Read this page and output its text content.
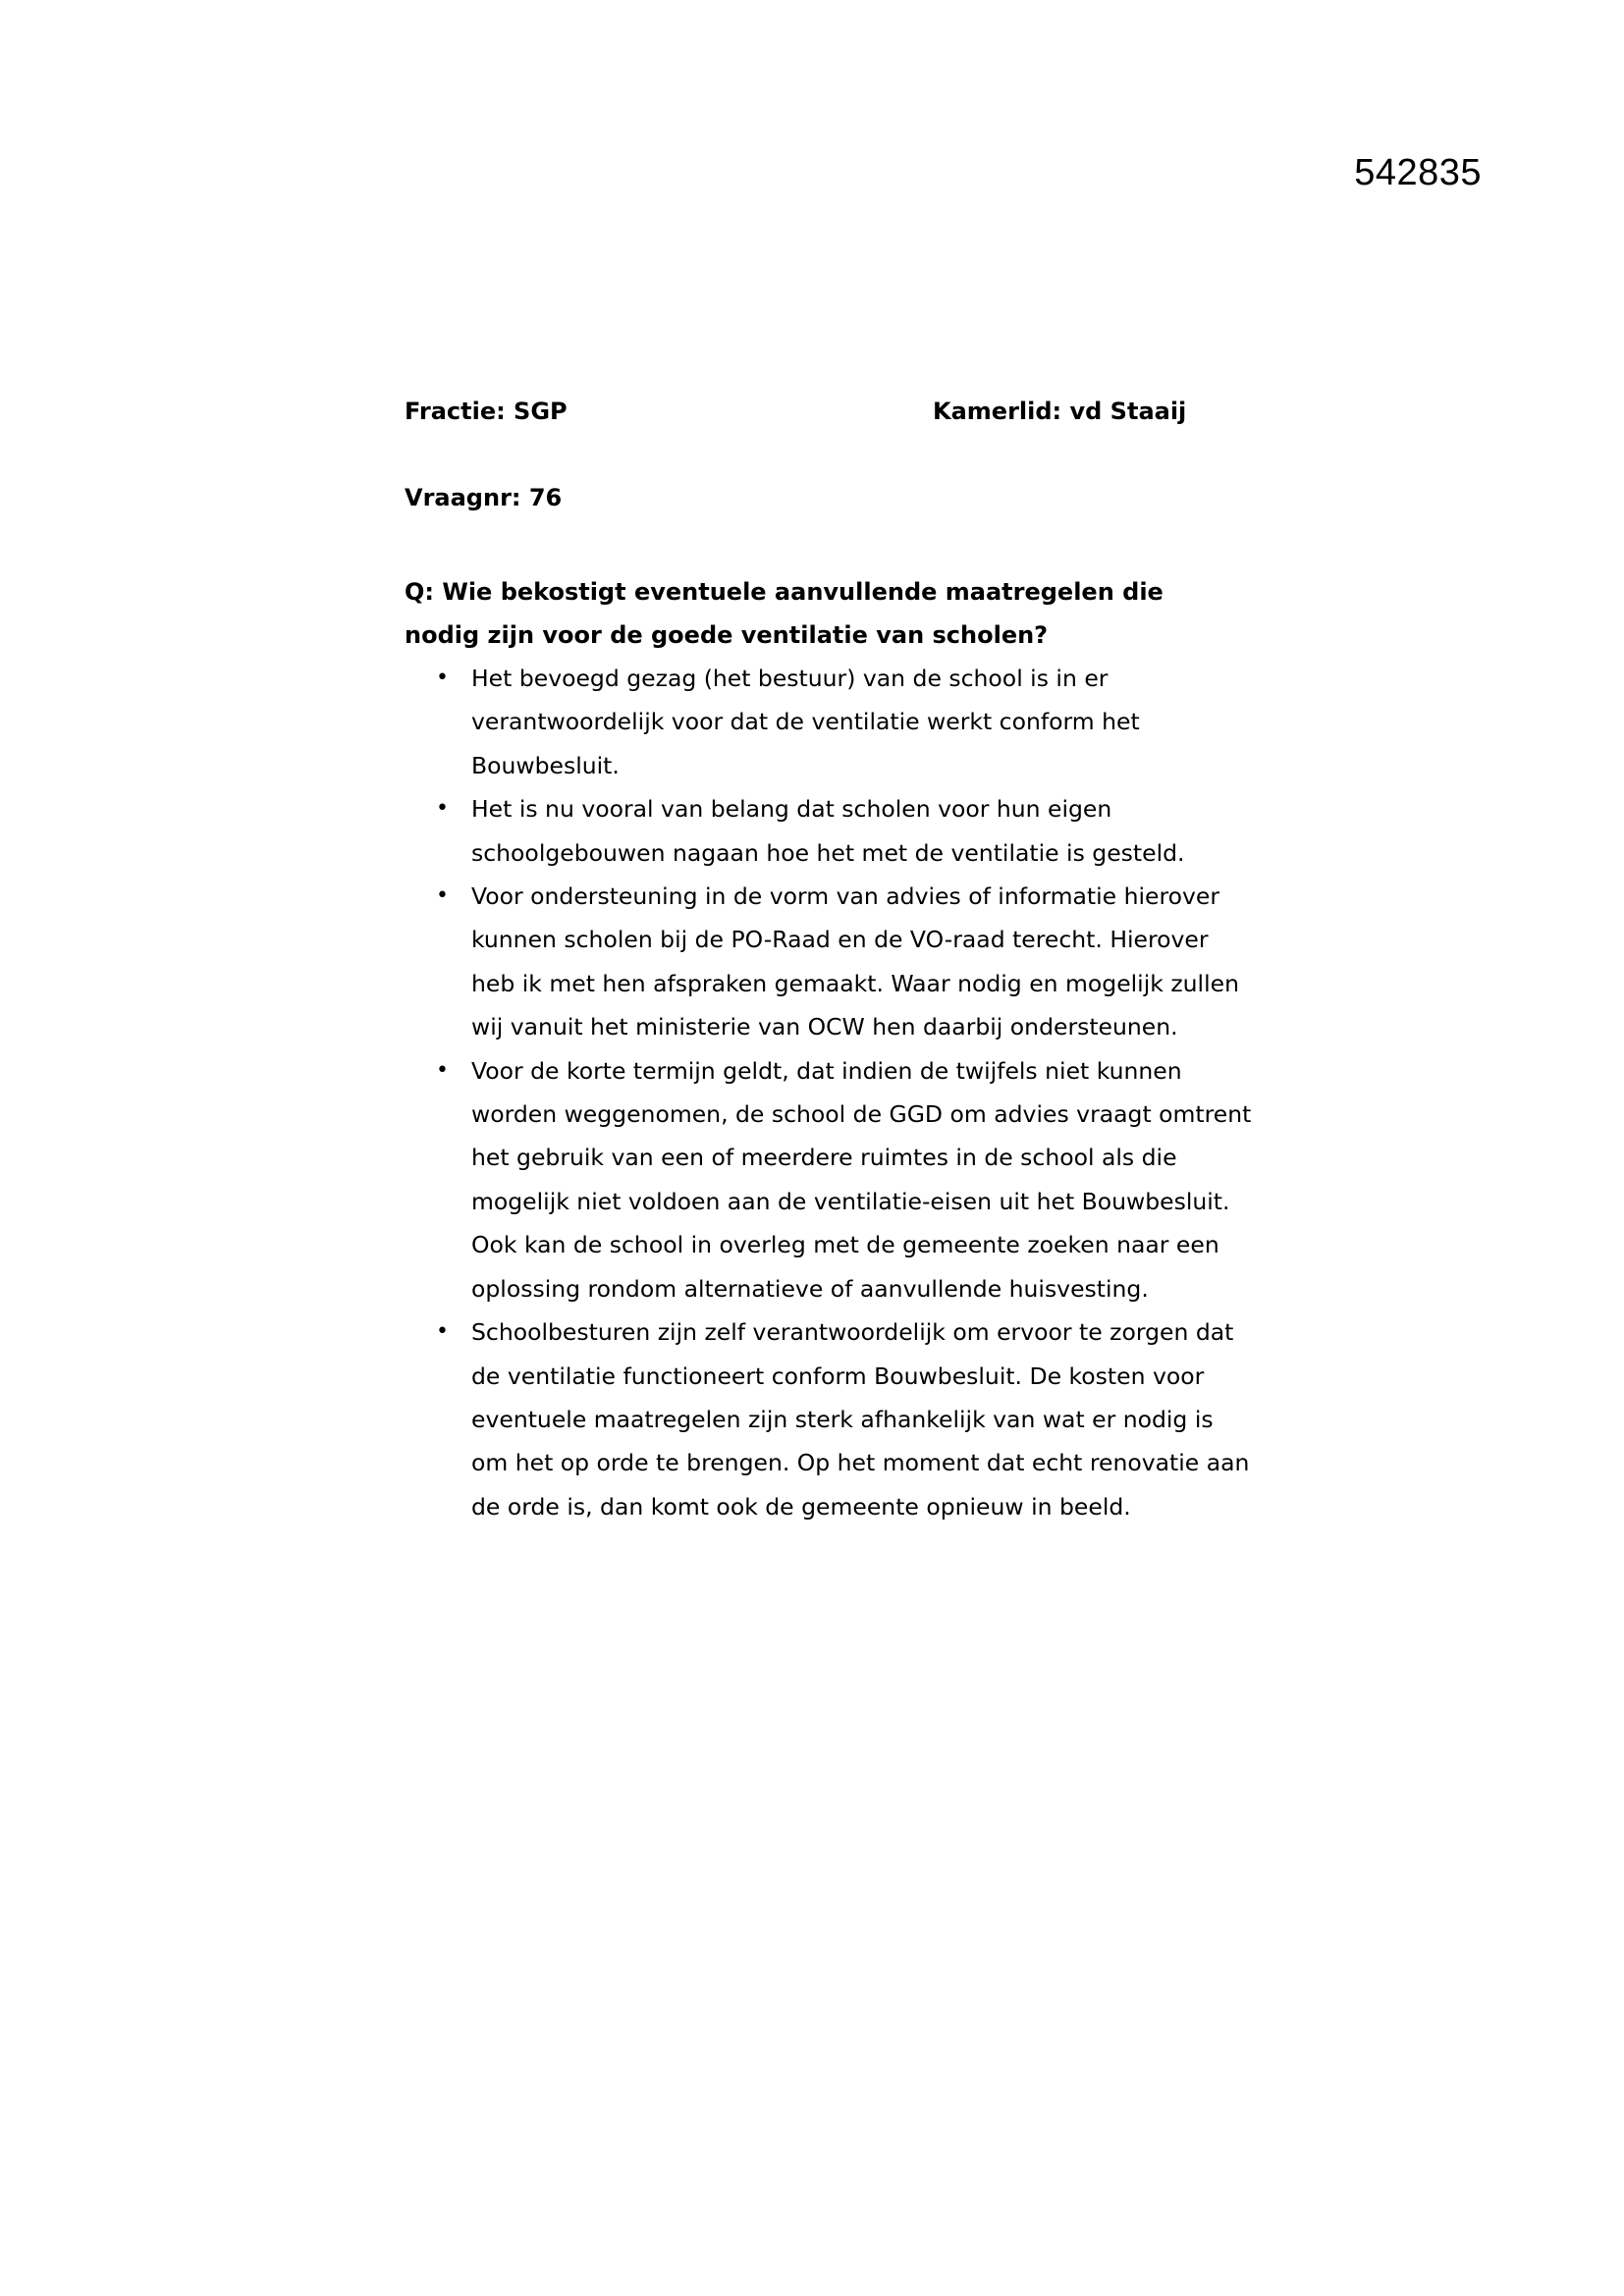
542835
Fractie: SGP	Kamerlid: vd Staaij
Vraagnr: 76
Q: Wie bekostigt eventuele aanvullende maatregelen die nodig zijn voor de goede ventilatie van scholen?
• Het bevoegd gezag (het bestuur) van de school is in er verantwoordelijk voor dat de ventilatie werkt conform het Bouwbesluit.
• Het is nu vooral van belang dat scholen voor hun eigen schoolgebouwen nagaan hoe het met de ventilatie is gesteld.
• Voor ondersteuning in de vorm van advies of informatie hierover kunnen scholen bij de PO-Raad en de VO-raad terecht. Hierover heb ik met hen afspraken gemaakt. Waar nodig en mogelijk zullen wij vanuit het ministerie van OCW hen daarbij ondersteunen.
• Voor de korte termijn geldt, dat indien de twijfels niet kunnen worden weggenomen, de school de GGD om advies vraagt omtrent het gebruik van een of meerdere ruimtes in de school als die mogelijk niet voldoen aan de ventilatie-eisen uit het Bouwbesluit. Ook kan de school in overleg met de gemeente zoeken naar een oplossing rondom alternatieve of aanvullende huisvesting.
• Schoolbesturen zijn zelf verantwoordelijk om ervoor te zorgen dat de ventilatie functioneert conform Bouwbesluit. De kosten voor eventuele maatregelen zijn sterk afhankelijk van wat er nodig is om het op orde te brengen. Op het moment dat echt renovatie aan de orde is, dan komt ook de gemeente opnieuw in beeld.
